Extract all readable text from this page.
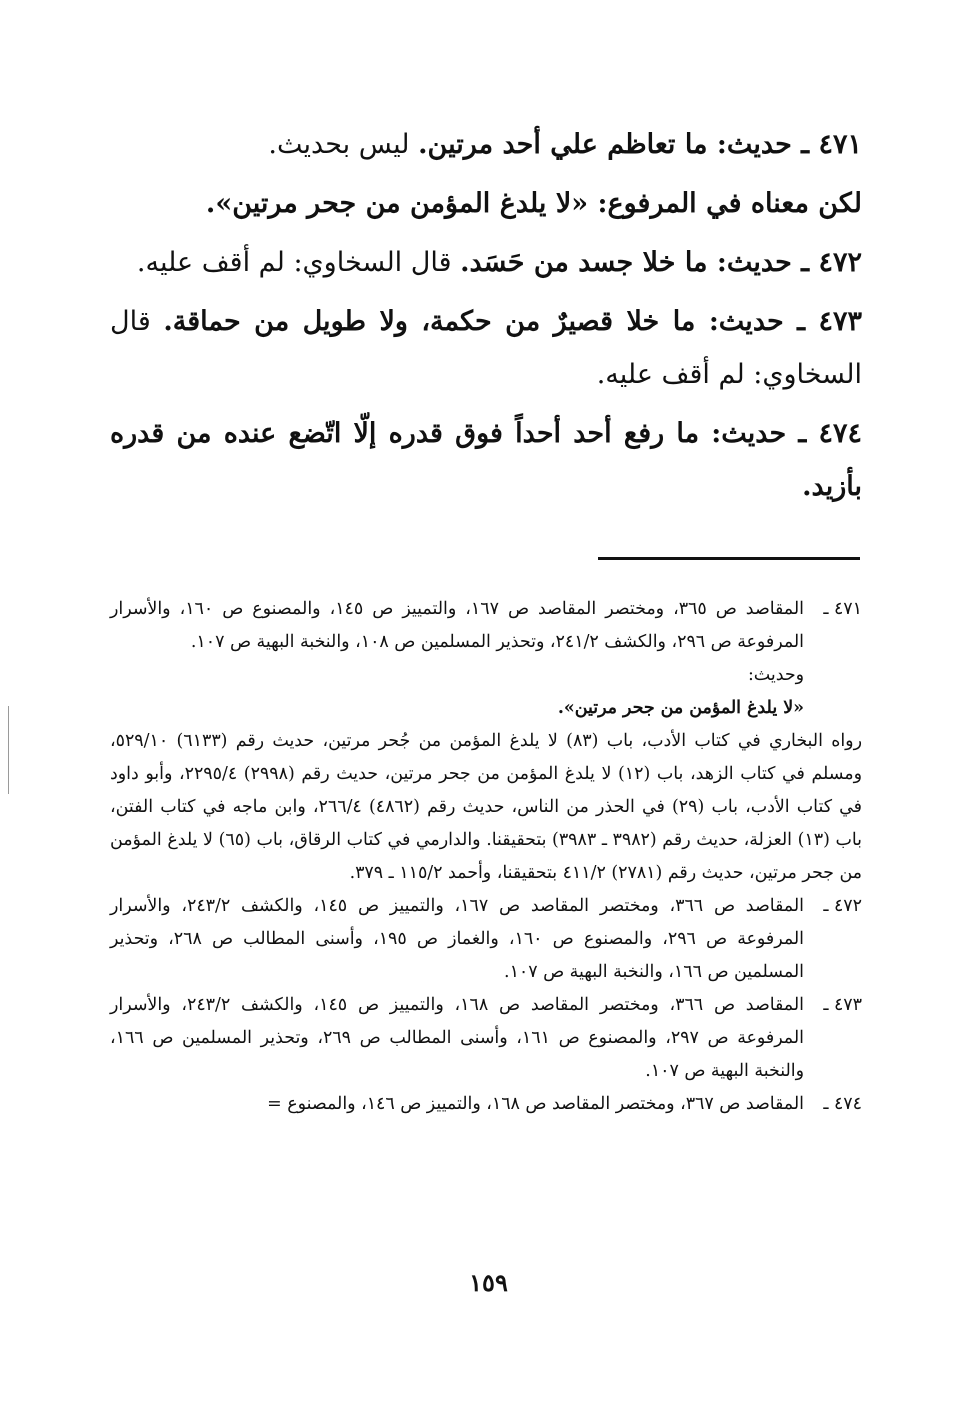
٤٧١ ـ حديث: ما تعاظم علي أحد مرتين. ليس بحديث.

لكن معناه في المرفوع: «لا يلدغ المؤمن من جحر مرتين».

٤٧٢ ـ حديث: ما خلا جسد من حَسَد. قال السخاوي: لم أقف عليه.

٤٧٣ ـ حديث: ما خلا قصيرٌ من حكمة، ولا طويل من حماقة. قال السخاوي: لم أقف عليه.

٤٧٤ ـ حديث: ما رفع أحد أحداً فوق قدره إلّا اتّضع عنده من قدره بأزيد.

٤٧١ ـ
المقاصد ص ٣٦٥، ومختصر المقاصد ص ١٦٧، والتمييز ص ١٤٥، والمصنوع ص ١٦٠، والأسرار المرفوعة ص ٢٩٦، والكشف ٢٤١/٢، وتحذير المسلمين ص ١٠٨، والنخبة البهية ص ١٠٧.
وحديث:
«لا يلدغ المؤمن من جحر مرتين».
رواه البخاري في كتاب الأدب، باب (٨٣) لا يلدغ المؤمن من جُحر مرتين، حديث رقم (٦١٣٣) ٥٢٩/١٠، ومسلم في كتاب الزهد، باب (١٢) لا يلدغ المؤمن من جحر مرتين، حديث رقم (٢٩٩٨) ٢٢٩٥/٤، وأبو داود في كتاب الأدب، باب (٢٩) في الحذر من الناس، حديث رقم (٤٨٦٢) ٢٦٦/٤، وابن ماجه في كتاب الفتن، باب (١٣) العزلة، حديث رقم (٣٩٨٢ ـ ٣٩٨٣) بتحقيقنا. والدارمي في كتاب الرقاق، باب (٦٥) لا يلدغ المؤمن من جحر مرتين، حديث رقم (٢٧٨١) ٤١١/٢ بتحقيقنا، وأحمد ١١٥/٢ ـ ٣٧٩.
٤٧٢ ـ
المقاصد ص ٣٦٦، ومختصر المقاصد ص ١٦٧، والتمييز ص ١٤٥، والكشف ٢٤٣/٢، والأسرار المرفوعة ص ٢٩٦، والمصنوع ص ١٦٠، والغماز ص ١٩٥، وأسنى المطالب ص ٢٦٨، وتحذير المسلمين ص ١٦٦، والنخبة البهية ص ١٠٧.
٤٧٣ ـ
المقاصد ص ٣٦٦، ومختصر المقاصد ص ١٦٨، والتمييز ص ١٤٥، والكشف ٢٤٣/٢، والأسرار المرفوعة ص ٢٩٧، والمصنوع ص ١٦١، وأسنى المطالب ص ٢٦٩، وتحذير المسلمين ص ١٦٦، والنخبة البهية ص ١٠٧.
٤٧٤ ـ
المقاصد ص ٣٦٧، ومختصر المقاصد ص ١٦٨، والتمييز ص ١٤٦، والمصنوع =
١٥٩
